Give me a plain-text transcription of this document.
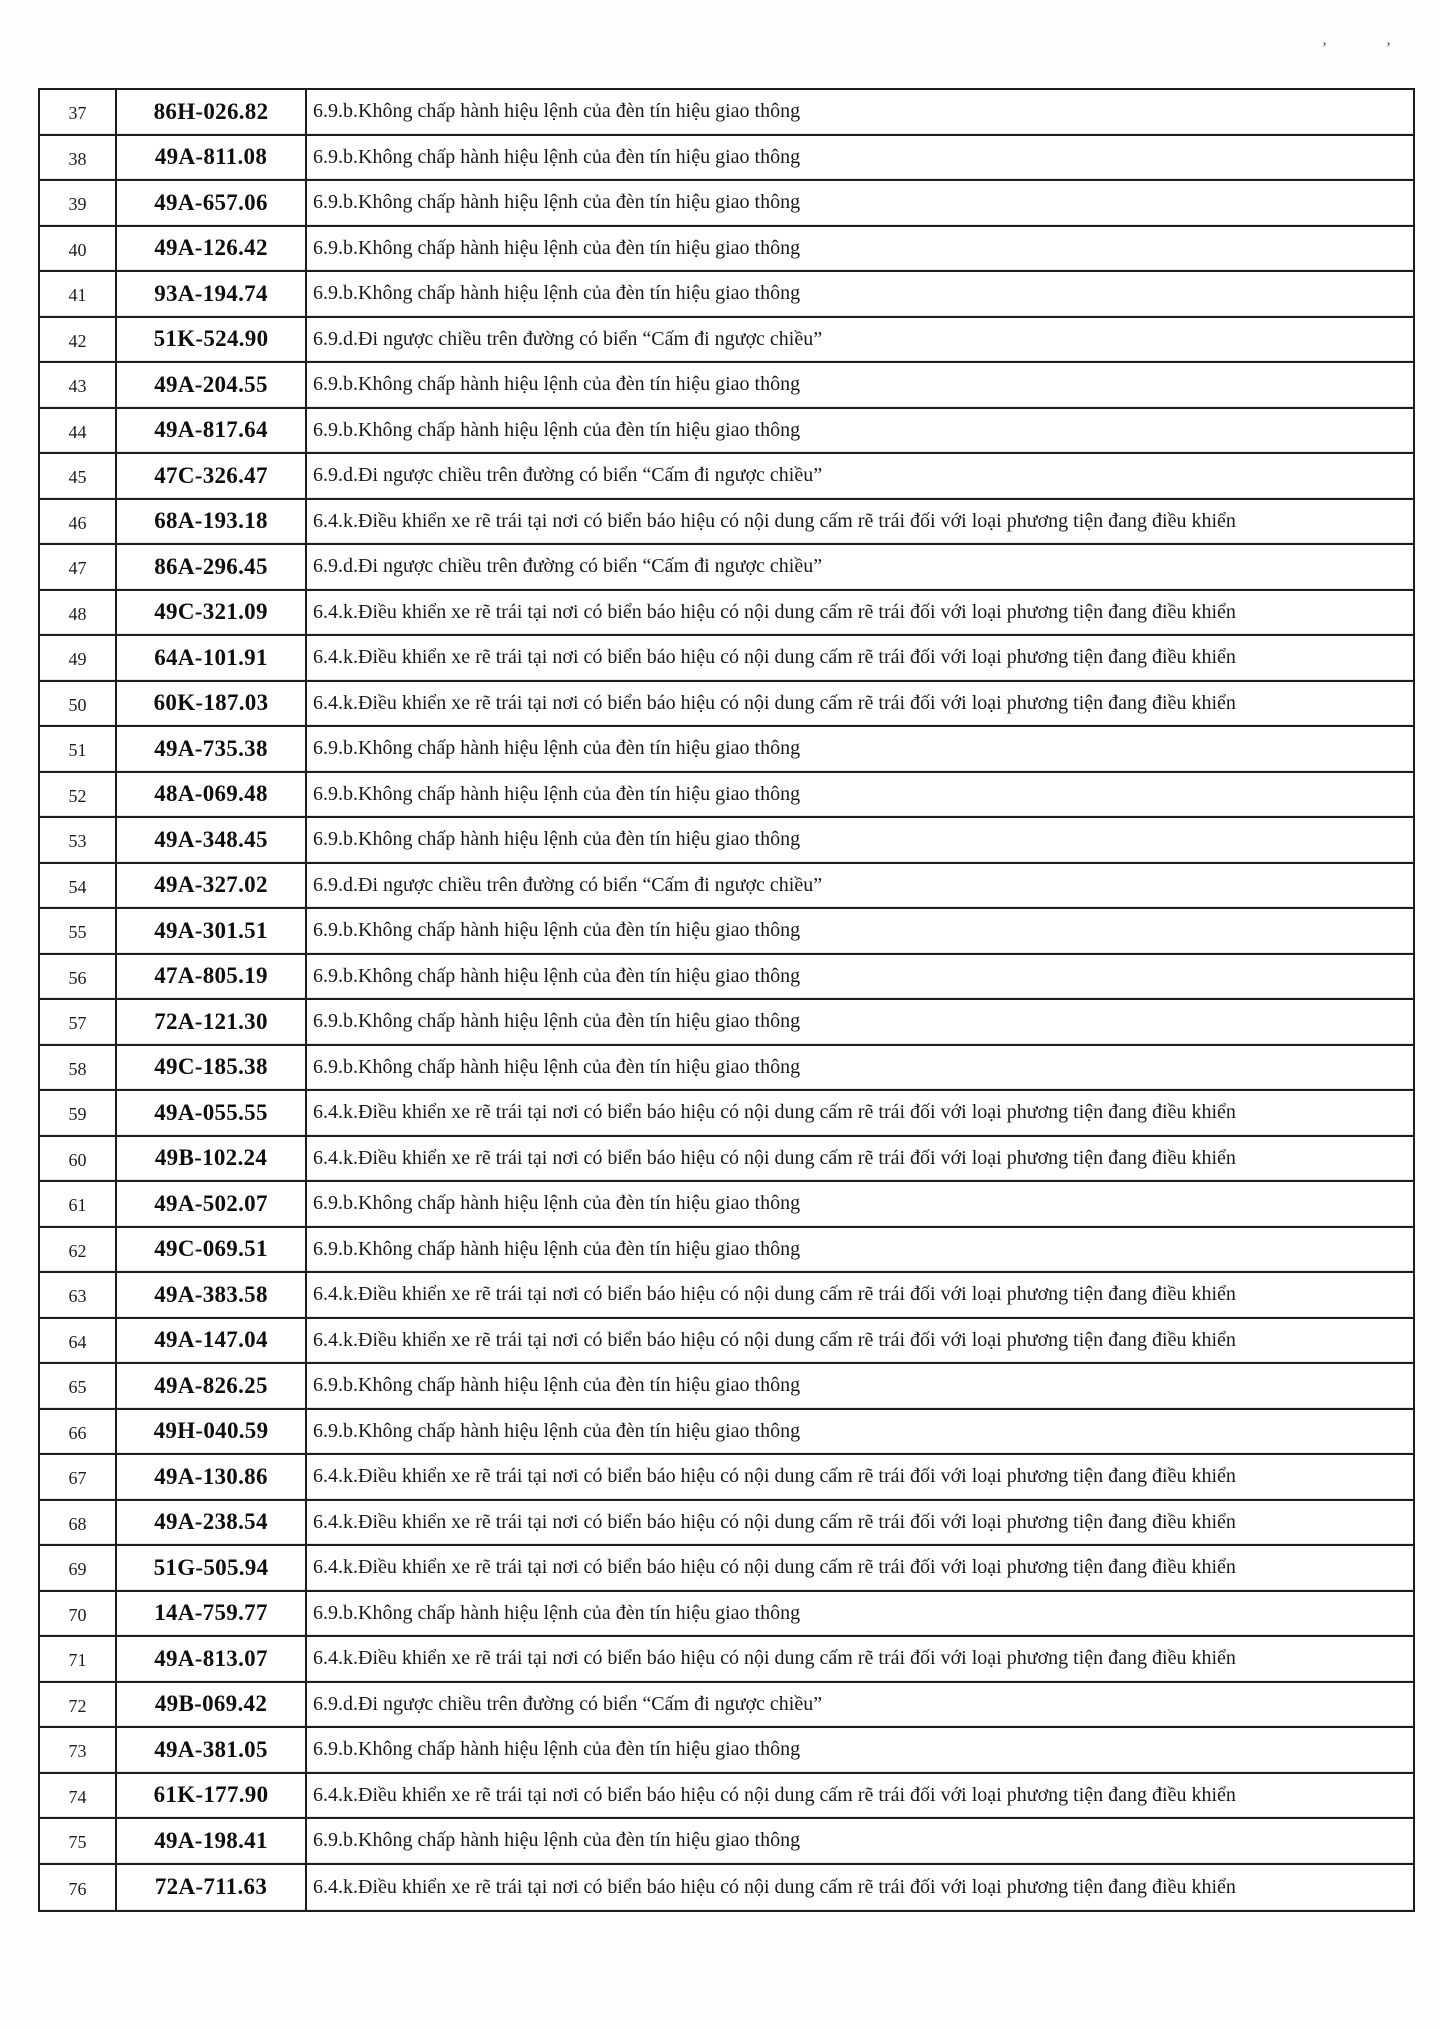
’	’
37	86H-026.82	6.9.b.Không chấp hành hiệu lệnh của đèn tín hiệu giao thông
38	49A-811.08	6.9.b.Không chấp hành hiệu lệnh của đèn tín hiệu giao thông
39	49A-657.06	6.9.b.Không chấp hành hiệu lệnh của đèn tín hiệu giao thông
40	49A-126.42	6.9.b.Không chấp hành hiệu lệnh của đèn tín hiệu giao thông
41	93A-194.74	6.9.b.Không chấp hành hiệu lệnh của đèn tín hiệu giao thông
42	51K-524.90	6.9.d.Đi ngược chiều trên đường có biển “Cấm đi ngược chiều”
43	49A-204.55	6.9.b.Không chấp hành hiệu lệnh của đèn tín hiệu giao thông
44	49A-817.64	6.9.b.Không chấp hành hiệu lệnh của đèn tín hiệu giao thông
45	47C-326.47	6.9.d.Đi ngược chiều trên đường có biển “Cấm đi ngược chiều”
46	68A-193.18	6.4.k.Điều khiển xe rẽ trái tại nơi có biển báo hiệu có nội dung cấm rẽ trái đối với loại phương tiện đang điều khiển
47	86A-296.45	6.9.d.Đi ngược chiều trên đường có biển “Cấm đi ngược chiều”
48	49C-321.09	6.4.k.Điều khiển xe rẽ trái tại nơi có biển báo hiệu có nội dung cấm rẽ trái đối với loại phương tiện đang điều khiển
49	64A-101.91	6.4.k.Điều khiển xe rẽ trái tại nơi có biển báo hiệu có nội dung cấm rẽ trái đối với loại phương tiện đang điều khiển
50	60K-187.03	6.4.k.Điều khiển xe rẽ trái tại nơi có biển báo hiệu có nội dung cấm rẽ trái đối với loại phương tiện đang điều khiển
51	49A-735.38	6.9.b.Không chấp hành hiệu lệnh của đèn tín hiệu giao thông
52	48A-069.48	6.9.b.Không chấp hành hiệu lệnh của đèn tín hiệu giao thông
53	49A-348.45	6.9.b.Không chấp hành hiệu lệnh của đèn tín hiệu giao thông
54	49A-327.02	6.9.d.Đi ngược chiều trên đường có biển “Cấm đi ngược chiều”
55	49A-301.51	6.9.b.Không chấp hành hiệu lệnh của đèn tín hiệu giao thông
56	47A-805.19	6.9.b.Không chấp hành hiệu lệnh của đèn tín hiệu giao thông
57	72A-121.30	6.9.b.Không chấp hành hiệu lệnh của đèn tín hiệu giao thông
58	49C-185.38	6.9.b.Không chấp hành hiệu lệnh của đèn tín hiệu giao thông
59	49A-055.55	6.4.k.Điều khiển xe rẽ trái tại nơi có biển báo hiệu có nội dung cấm rẽ trái đối với loại phương tiện đang điều khiển
60	49B-102.24	6.4.k.Điều khiển xe rẽ trái tại nơi có biển báo hiệu có nội dung cấm rẽ trái đối với loại phương tiện đang điều khiển
61	49A-502.07	6.9.b.Không chấp hành hiệu lệnh của đèn tín hiệu giao thông
62	49C-069.51	6.9.b.Không chấp hành hiệu lệnh của đèn tín hiệu giao thông
63	49A-383.58	6.4.k.Điều khiển xe rẽ trái tại nơi có biển báo hiệu có nội dung cấm rẽ trái đối với loại phương tiện đang điều khiển
64	49A-147.04	6.4.k.Điều khiển xe rẽ trái tại nơi có biển báo hiệu có nội dung cấm rẽ trái đối với loại phương tiện đang điều khiển
65	49A-826.25	6.9.b.Không chấp hành hiệu lệnh của đèn tín hiệu giao thông
66	49H-040.59	6.9.b.Không chấp hành hiệu lệnh của đèn tín hiệu giao thông
67	49A-130.86	6.4.k.Điều khiển xe rẽ trái tại nơi có biển báo hiệu có nội dung cấm rẽ trái đối với loại phương tiện đang điều khiển
68	49A-238.54	6.4.k.Điều khiển xe rẽ trái tại nơi có biển báo hiệu có nội dung cấm rẽ trái đối với loại phương tiện đang điều khiển
69	51G-505.94	6.4.k.Điều khiển xe rẽ trái tại nơi có biển báo hiệu có nội dung cấm rẽ trái đối với loại phương tiện đang điều khiển
70	14A-759.77	6.9.b.Không chấp hành hiệu lệnh của đèn tín hiệu giao thông
71	49A-813.07	6.4.k.Điều khiển xe rẽ trái tại nơi có biển báo hiệu có nội dung cấm rẽ trái đối với loại phương tiện đang điều khiển
72	49B-069.42	6.9.d.Đi ngược chiều trên đường có biển “Cấm đi ngược chiều”
73	49A-381.05	6.9.b.Không chấp hành hiệu lệnh của đèn tín hiệu giao thông
74	61K-177.90	6.4.k.Điều khiển xe rẽ trái tại nơi có biển báo hiệu có nội dung cấm rẽ trái đối với loại phương tiện đang điều khiển
75	49A-198.41	6.9.b.Không chấp hành hiệu lệnh của đèn tín hiệu giao thông
76	72A-711.63	6.4.k.Điều khiển xe rẽ trái tại nơi có biển báo hiệu có nội dung cấm rẽ trái đối với loại phương tiện đang điều khiển
